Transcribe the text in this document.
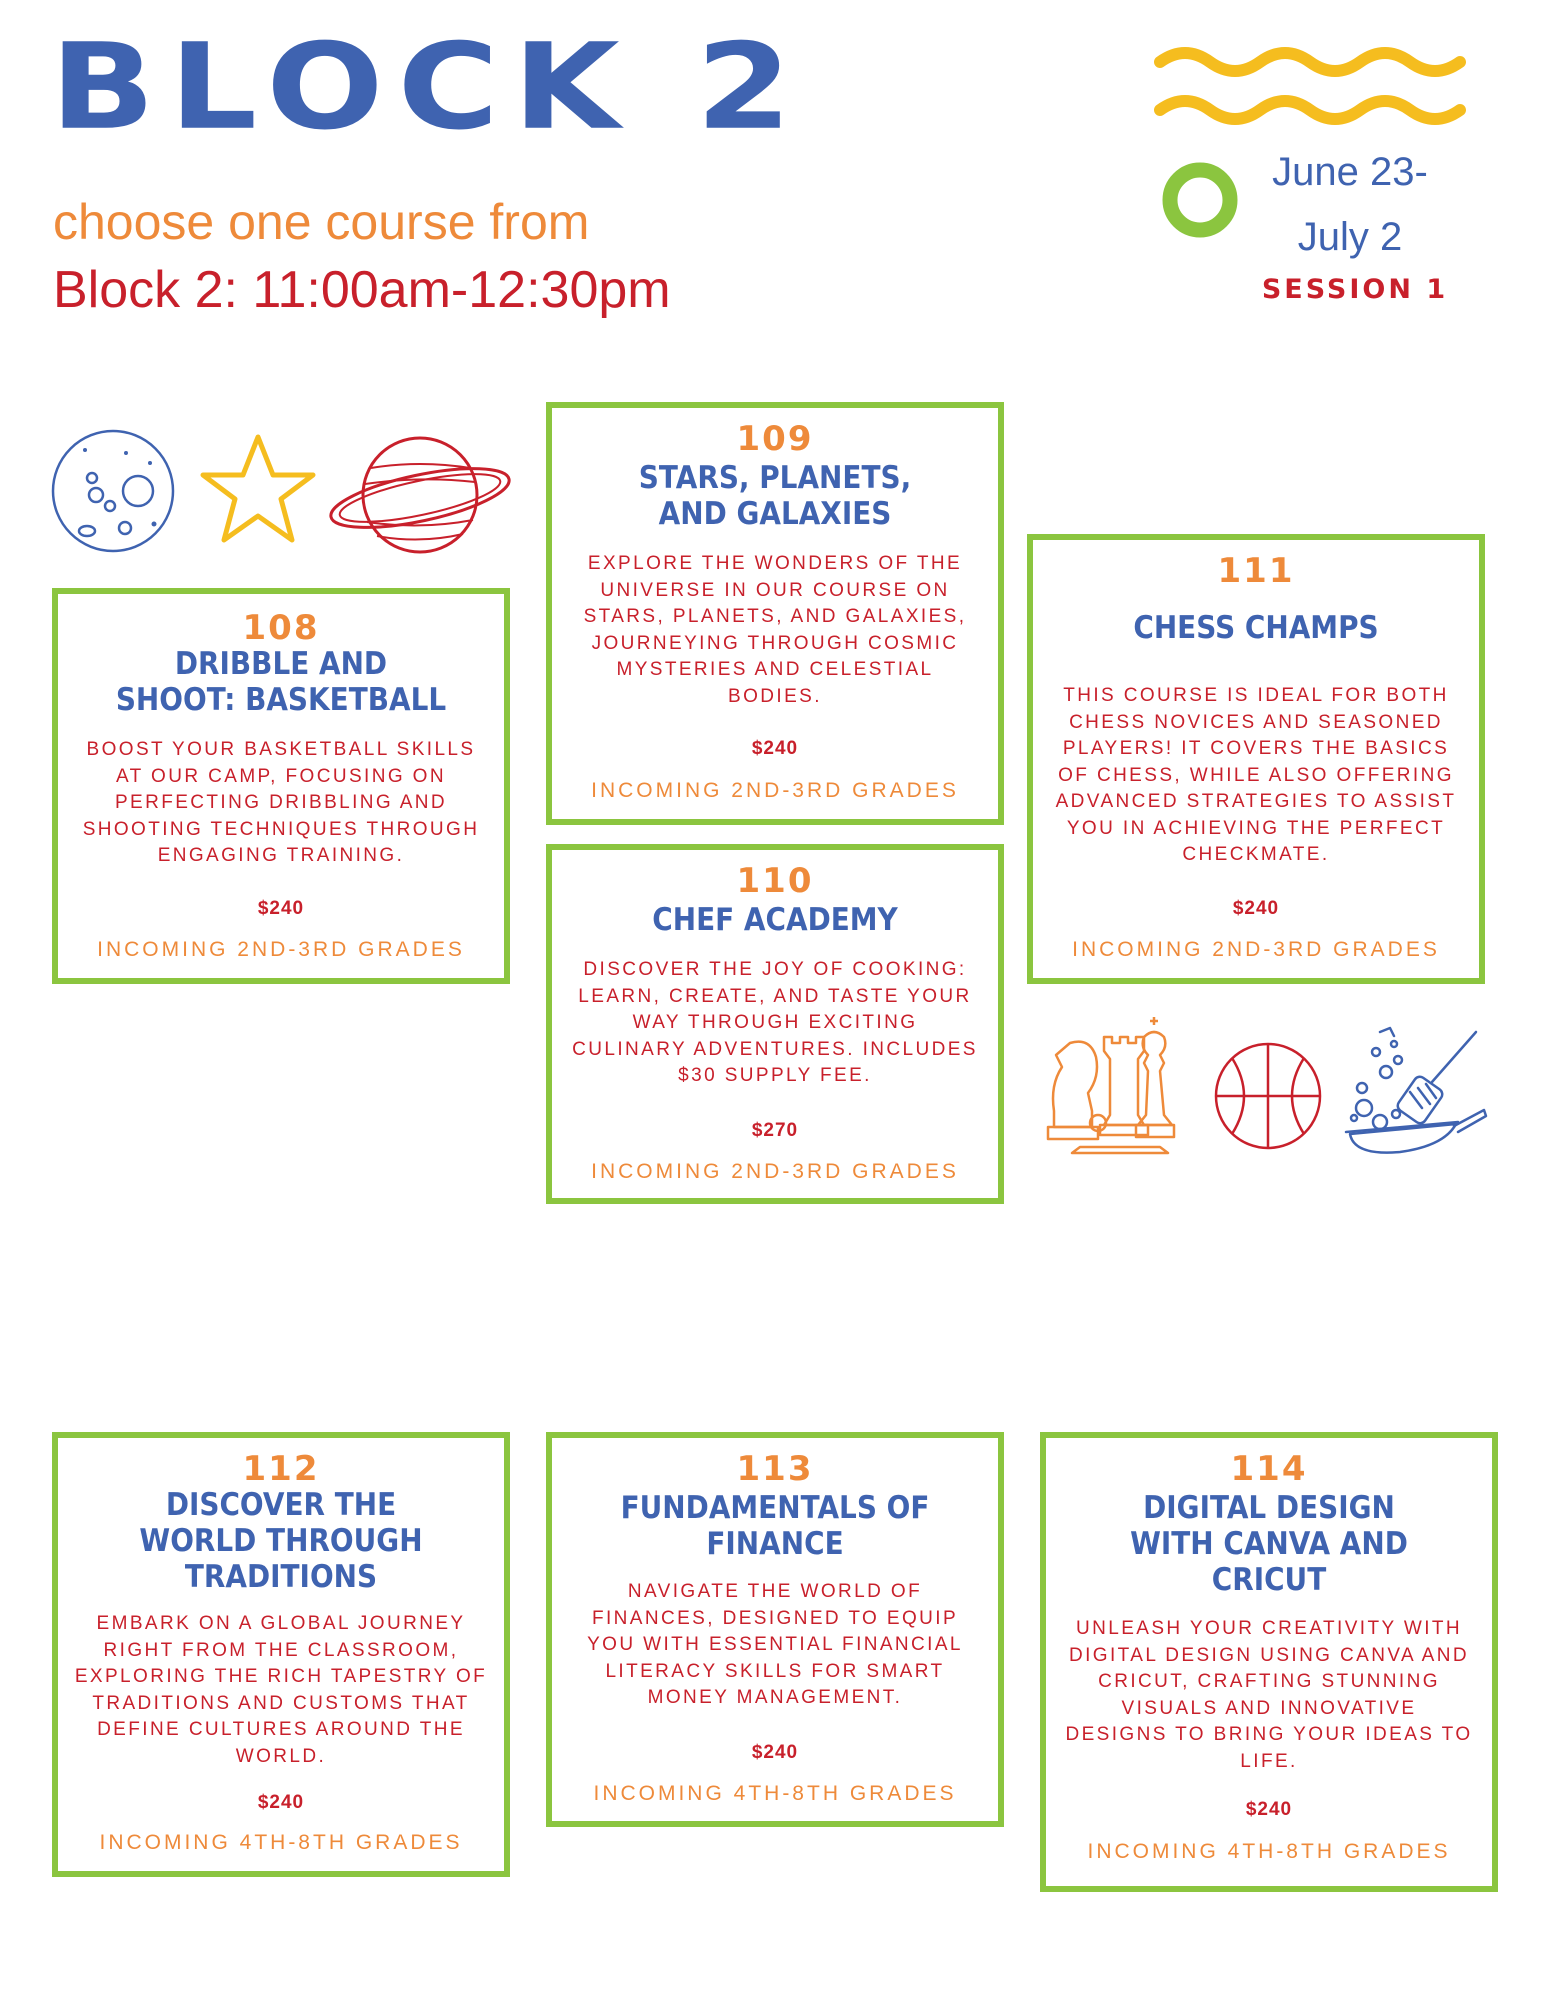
BLOCK 2
choose one course from
Block 2: 11:00am-12:30pm
June 23-
July 2
SESSION 1
108
DRIBBLE AND
SHOOT: BASKETBALL
BOOST YOUR BASKETBALL SKILLS
AT OUR CAMP, FOCUSING ON
PERFECTING DRIBBLING AND
SHOOTING TECHNIQUES THROUGH
ENGAGING TRAINING.
$240
INCOMING 2ND-3RD GRADES
109
STARS, PLANETS,
AND GALAXIES
EXPLORE THE WONDERS OF THE
UNIVERSE IN OUR COURSE ON
STARS, PLANETS, AND GALAXIES,
JOURNEYING THROUGH COSMIC
MYSTERIES AND CELESTIAL
BODIES.
$240
INCOMING 2ND-3RD GRADES
110
CHEF ACADEMY
DISCOVER THE JOY OF COOKING:
LEARN, CREATE, AND TASTE YOUR
WAY THROUGH EXCITING
CULINARY ADVENTURES. INCLUDES
$30 SUPPLY FEE.
$270
INCOMING 2ND-3RD GRADES
111
CHESS CHAMPS
THIS COURSE IS IDEAL FOR BOTH
CHESS NOVICES AND SEASONED
PLAYERS! IT COVERS THE BASICS
OF CHESS, WHILE ALSO OFFERING
ADVANCED STRATEGIES TO ASSIST
YOU IN ACHIEVING THE PERFECT
CHECKMATE.
$240
INCOMING 2ND-3RD GRADES
112
DISCOVER THE
WORLD THROUGH
TRADITIONS
EMBARK ON A GLOBAL JOURNEY
RIGHT FROM THE CLASSROOM,
EXPLORING THE RICH TAPESTRY OF
TRADITIONS AND CUSTOMS THAT
DEFINE CULTURES AROUND THE
WORLD.
$240
INCOMING 4TH-8TH GRADES
113
FUNDAMENTALS OF
FINANCE
NAVIGATE THE WORLD OF
FINANCES, DESIGNED TO EQUIP
YOU WITH ESSENTIAL FINANCIAL
LITERACY SKILLS FOR SMART
MONEY MANAGEMENT.
$240
INCOMING 4TH-8TH GRADES
114
DIGITAL DESIGN
WITH CANVA AND
CRICUT
UNLEASH YOUR CREATIVITY WITH
DIGITAL DESIGN USING CANVA AND
CRICUT, CRAFTING STUNNING
VISUALS AND INNOVATIVE
DESIGNS TO BRING YOUR IDEAS TO
LIFE.
$240
INCOMING 4TH-8TH GRADES
